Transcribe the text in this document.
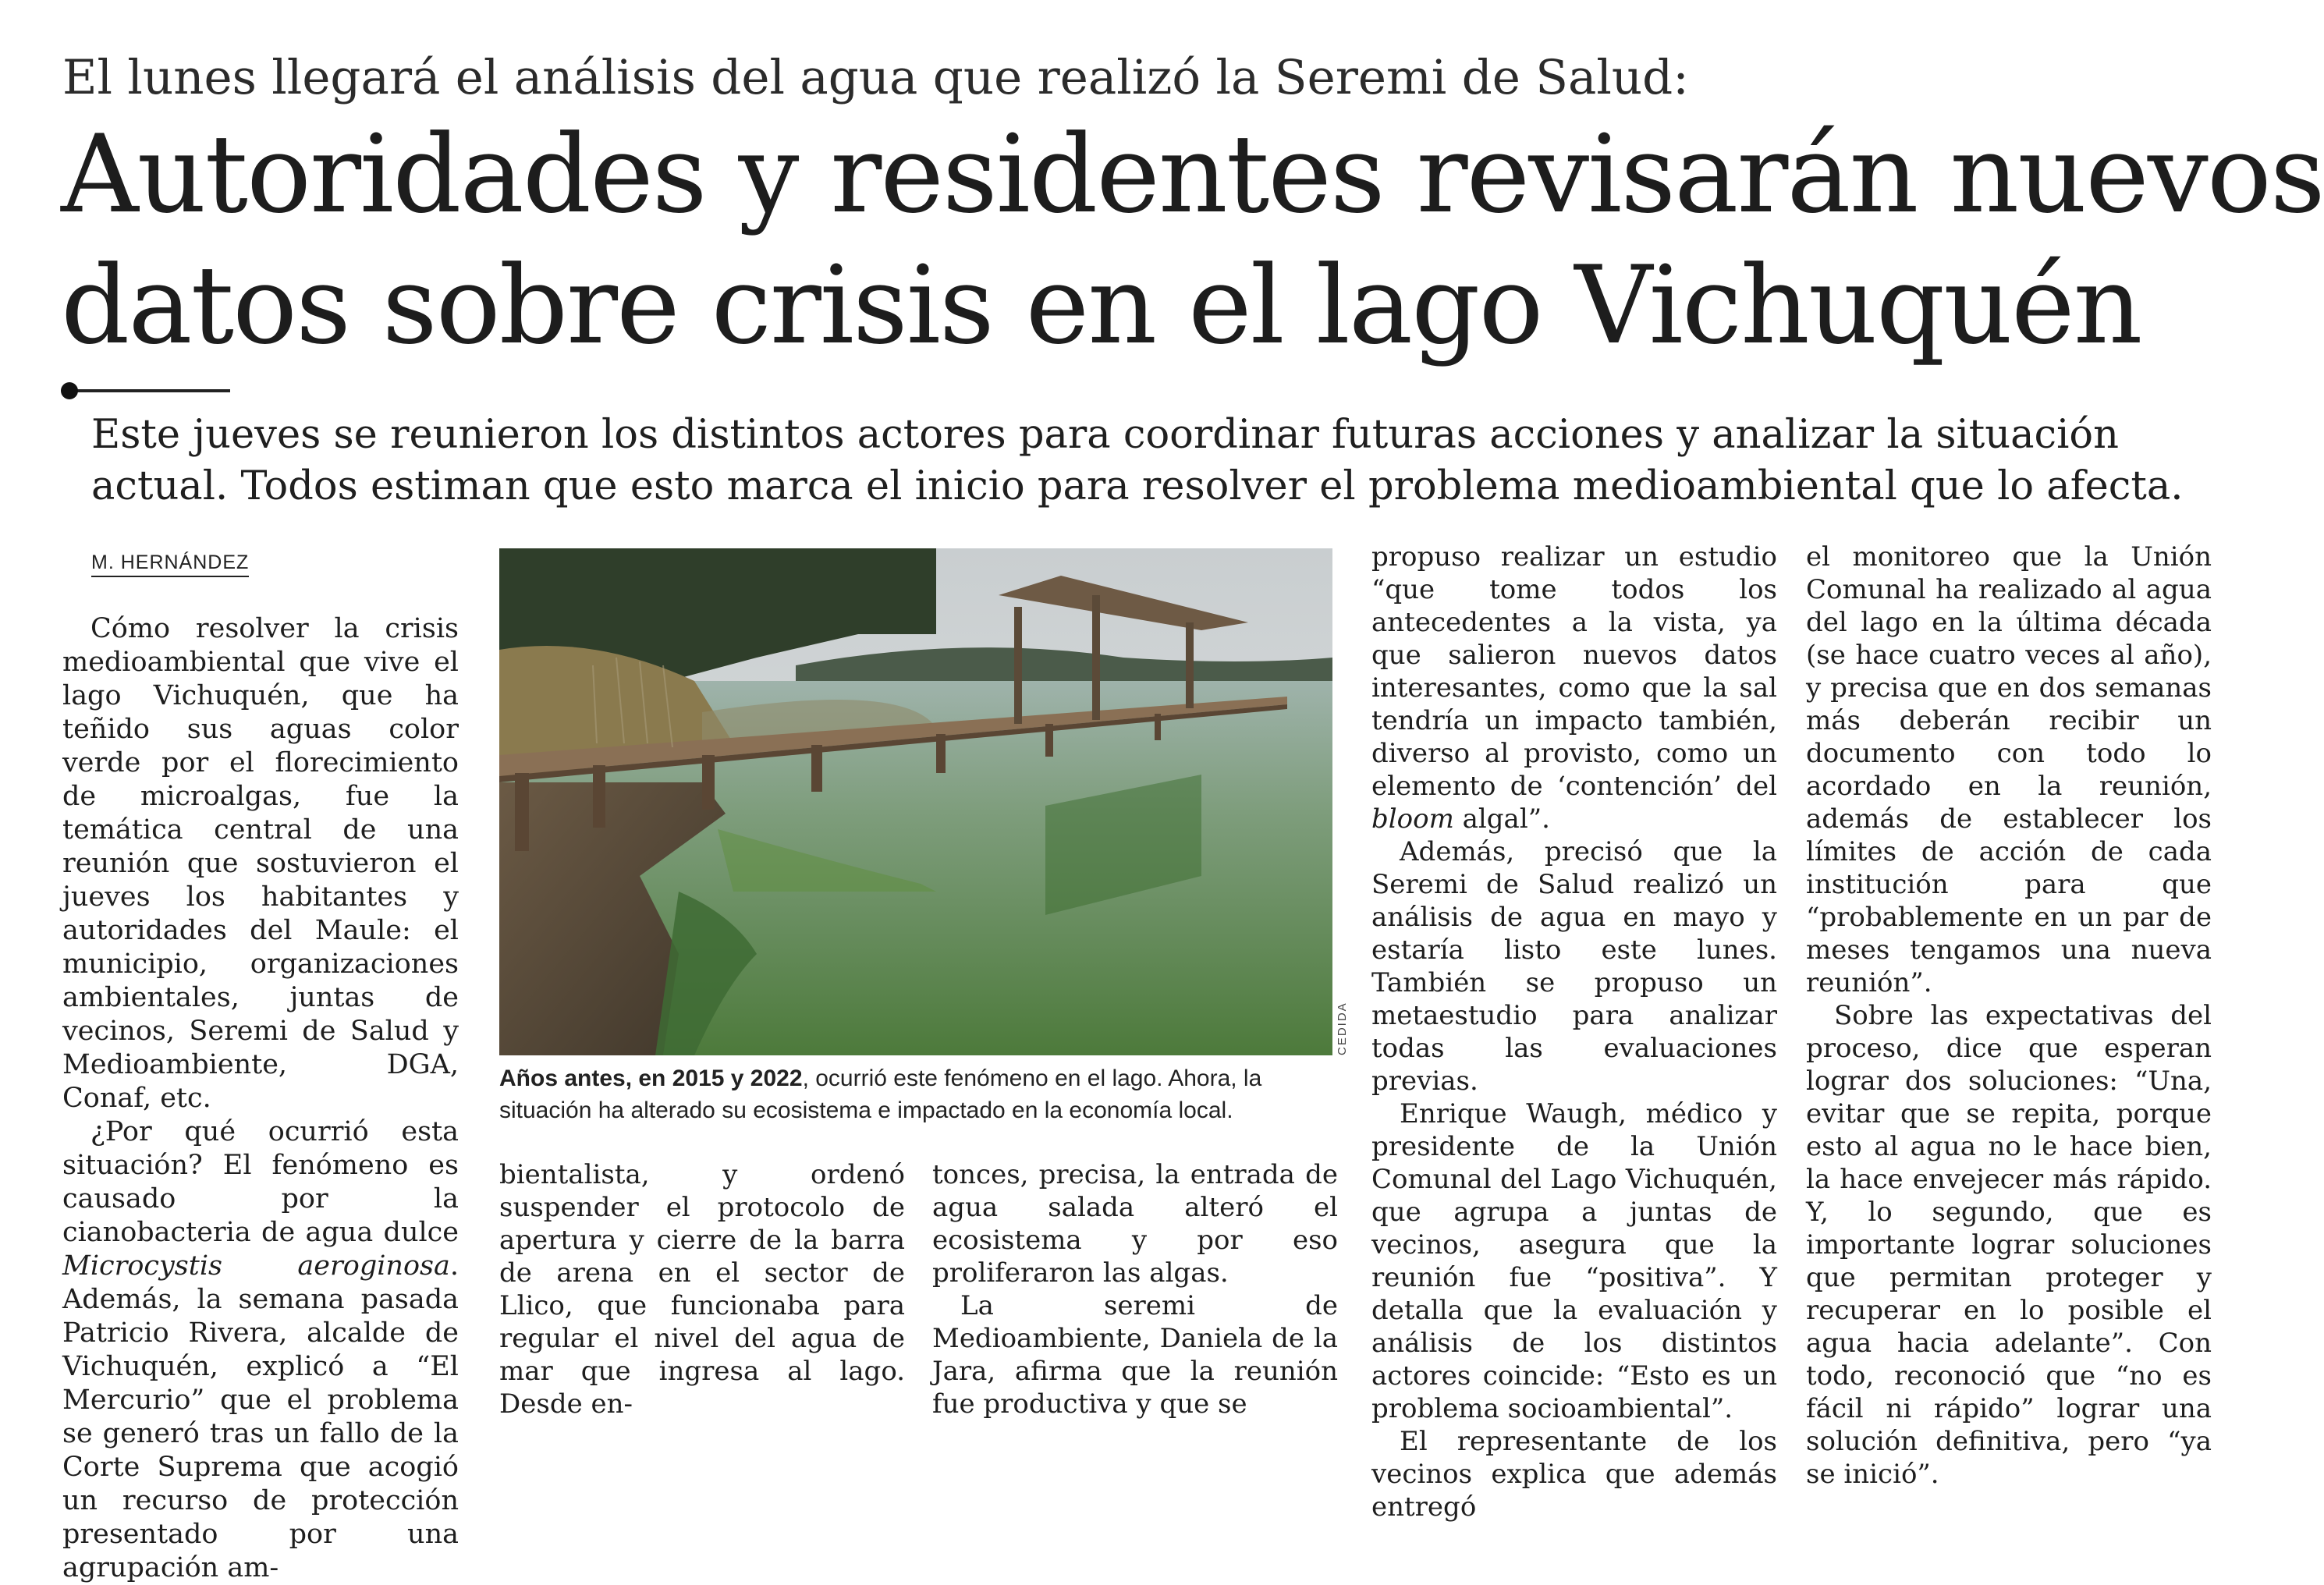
El lunes llegará el análisis del agua que realizó la Seremi de Salud:
Autoridades y residentes revisarán nuevos
datos sobre crisis en el lago Vichuquén
Este jueves se reunieron los distintos actores para coordinar futuras acciones y analizar la situación
actual. Todos estiman que esto marca el inicio para resolver el problema medioambiental que lo afecta.
M. HERNÁNDEZ

Cómo resolver la crisis medioambiental que vive el lago Vichuquén, que ha teñido sus aguas color verde por el florecimiento de microalgas, fue la temática central de una reunión que sostuvieron el jueves los habitantes y autoridades del Maule: el municipio, organizaciones ambientales, juntas de vecinos, Seremi de Salud y Medioambiente, DGA, Conaf, etc.

¿Por qué ocurrió esta situación? El fenómeno es causado por la cianobacteria de agua dulce Microcystis aeroginosa. Además, la semana pasada Patricio Rivera, alcalde de Vichuquén, explicó a “El Mercurio” que el problema se generó tras un fallo de la Corte Suprema que acogió un recurso de protección presentado por una agrupación am-

CEDIDA
Años antes, en 2015 y 2022, ocurrió este fenómeno en el lago. Ahora, la situación ha alterado su ecosistema e impactado en la economía local.

bientalista, y ordenó suspender el protocolo de apertura y cierre de la barra de arena en el sector de Llico, que funcionaba para regular el nivel del agua de mar que ingresa al lago. Desde en-

tonces, precisa, la entrada de agua salada alteró el ecosistema y por eso proliferaron las algas.

La seremi de Medioambiente, Daniela de la Jara, afirma que la reunión fue productiva y que se

propuso realizar un estudio “que tome todos los antecedentes a la vista, ya que salieron nuevos datos interesantes, como que la sal tendría un impacto también, diverso al provisto, como un elemento de ‘contención’ del bloom algal”.

Además, precisó que la Seremi de Salud realizó un análisis de agua en mayo y estaría listo este lunes. También se propuso un metaestudio para analizar todas las evaluaciones previas.

Enrique Waugh, médico y presidente de la Unión Comunal del Lago Vichuquén, que agrupa a juntas de vecinos, asegura que la reunión fue “positiva”. Y detalla que la evaluación y análisis de los distintos actores coincide: “Esto es un problema socioambiental”.

El representante de los vecinos explica que además entregó

el monitoreo que la Unión Comunal ha realizado al agua del lago en la última década (se hace cuatro veces al año), y precisa que en dos semanas más deberán recibir un documento con todo lo acordado en la reunión, además de establecer los límites de acción de cada institución para que “probablemente en un par de meses tengamos una nueva reunión”.

Sobre las expectativas del proceso, dice que esperan lograr dos soluciones: “Una, evitar que se repita, porque esto al agua no le hace bien, la hace envejecer más rápido. Y, lo segundo, que es importante lograr soluciones que permitan proteger y recuperar en lo posible el agua hacia adelante”. Con todo, reconoció que “no es fácil ni rápido” lograr una solución definitiva, pero “ya se inició”.
